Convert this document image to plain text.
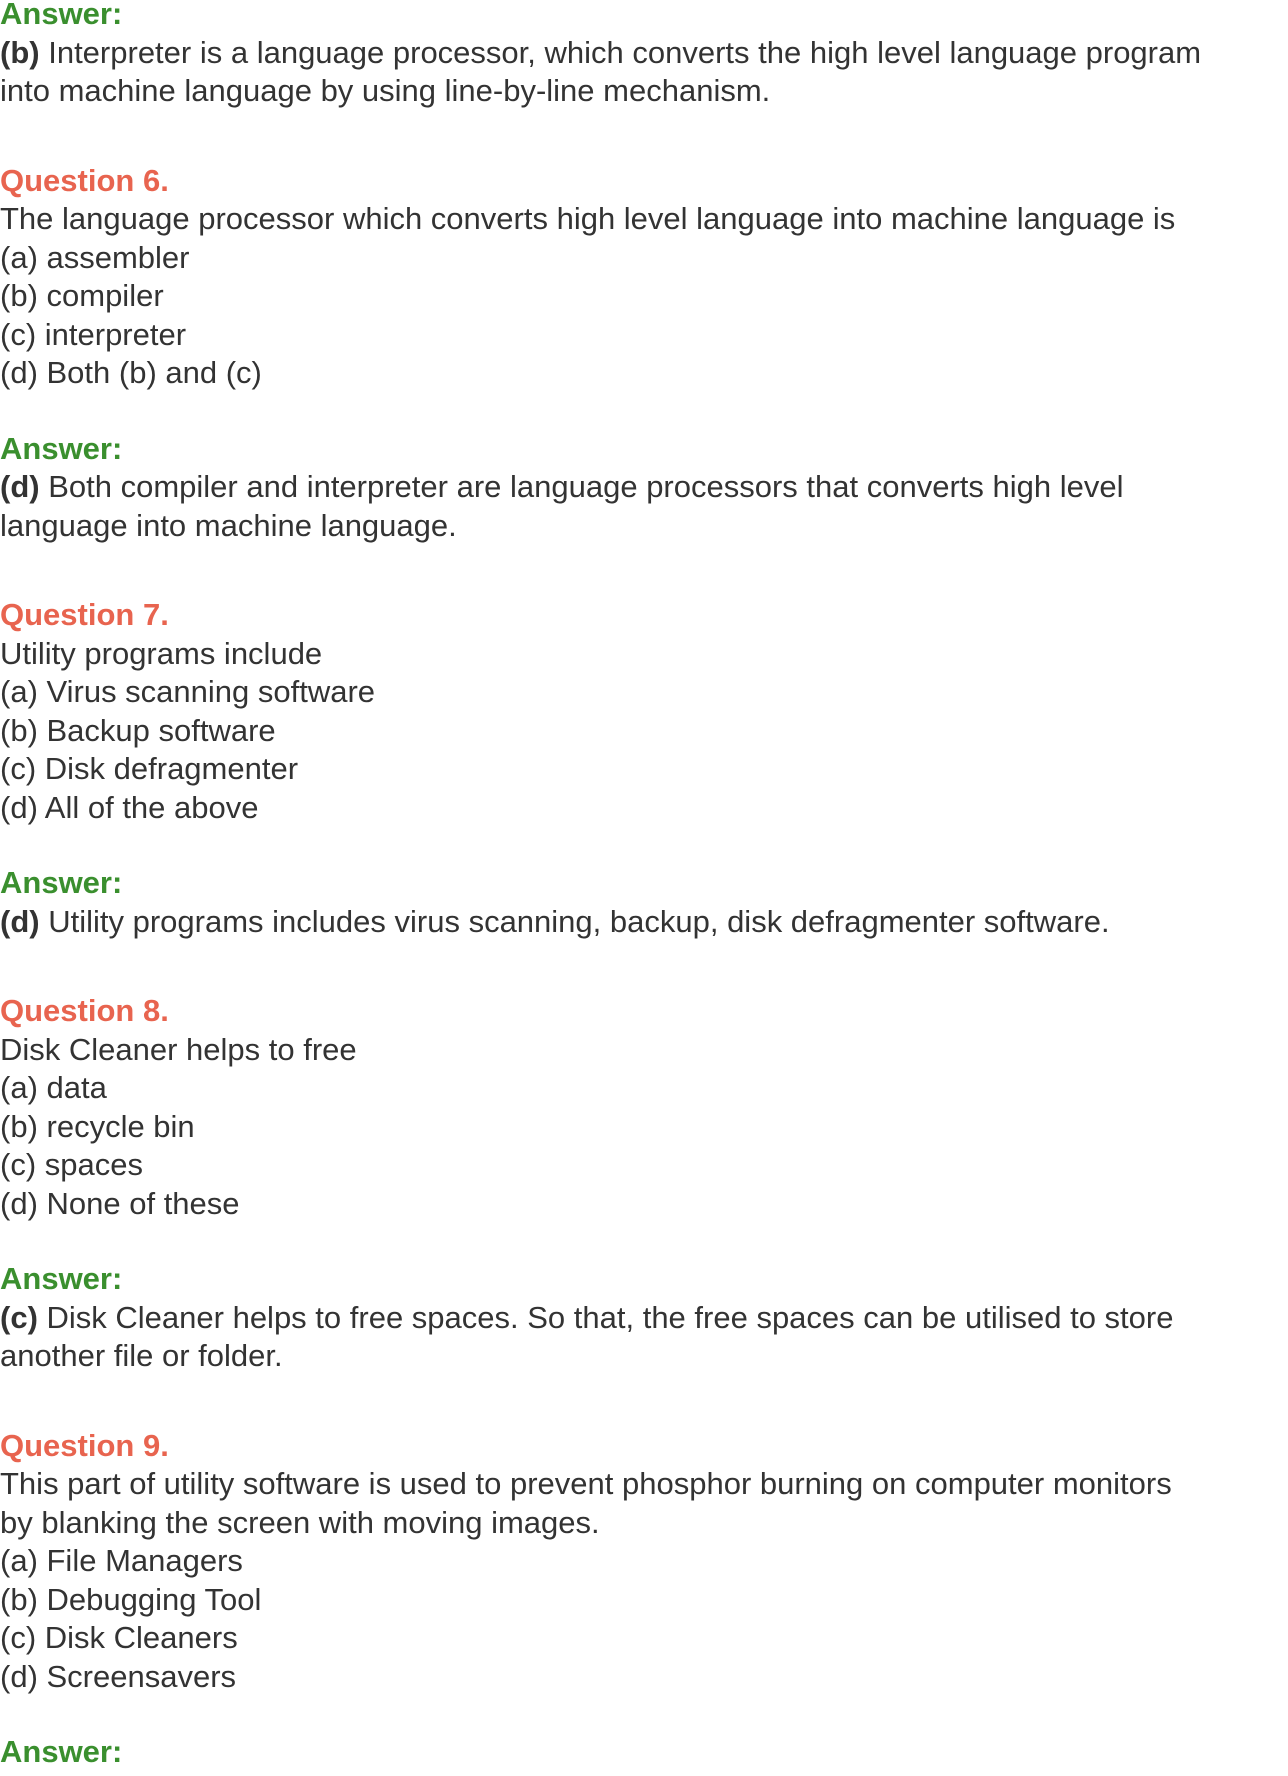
Answer:
(b) Interpreter is a language processor, which converts the high level language program
into machine language by using line-by-line mechanism.
Question 6.
The language processor which converts high level language into machine language is
(a) assembler
(b) compiler
(c) interpreter
(d) Both (b) and (c)
Answer:
(d) Both compiler and interpreter are language processors that converts high level
language into machine language.
Question 7.
Utility programs include
(a) Virus scanning software
(b) Backup software
(c) Disk defragmenter
(d) All of the above
Answer:
(d) Utility programs includes virus scanning, backup, disk defragmenter software.
Question 8.
Disk Cleaner helps to free
(a) data
(b) recycle bin
(c) spaces
(d) None of these
Answer:
(c) Disk Cleaner helps to free spaces. So that, the free spaces can be utilised to store
another file or folder.
Question 9.
This part of utility software is used to prevent phosphor burning on computer monitors
by blanking the screen with moving images.
(a) File Managers
(b) Debugging Tool
(c) Disk Cleaners
(d) Screensavers
Answer:
